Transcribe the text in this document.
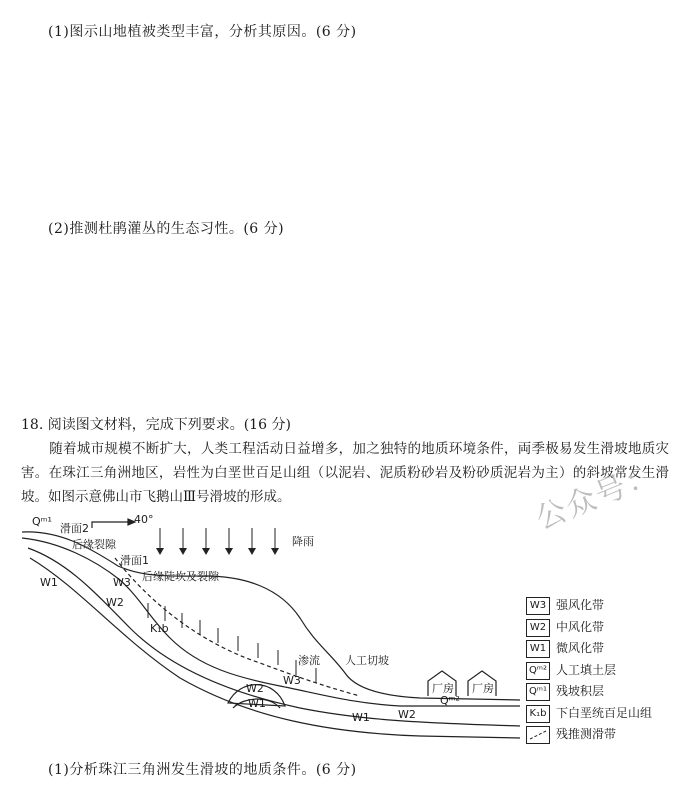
(1)图示山地植被类型丰富，分析其原因。(6 分)
(2)推测杜鹃灌丛的生态习性。(6 分)
18. 阅读图文材料，完成下列要求。(16 分)
随着城市规模不断扩大，人类工程活动日益增多，加之独特的地质环境条件，両季极易发生滑坡地质灾害。在珠江三角洲地区，岩性为白垩世百足山组（以泥岩、泥质粉砂岩及粉砂质泥岩为主）的斜坡常发生滑坡。如图示意佛山市飞鹅山Ⅲ号滑坡的形成。	公众号：
Qᵐ¹
滑面2
40°
降雨
后缘裂隙
滑面1
W1	W3 后缘陡坎及裂隙
W2
K₁b
渗流 人工切坡
W3
W2
W1
W1	W2
厂房 厂房
Qᵐ²
W3 强风化带
W2 中风化带
W1 微风化带
Qᵐ² 人工填土层
Qᵐ¹ 残坡积层
K₁b 下白垩统百足山组
残推测滑带
(1)分析珠江三角洲发生滑坡的地质条件。(6 分)
